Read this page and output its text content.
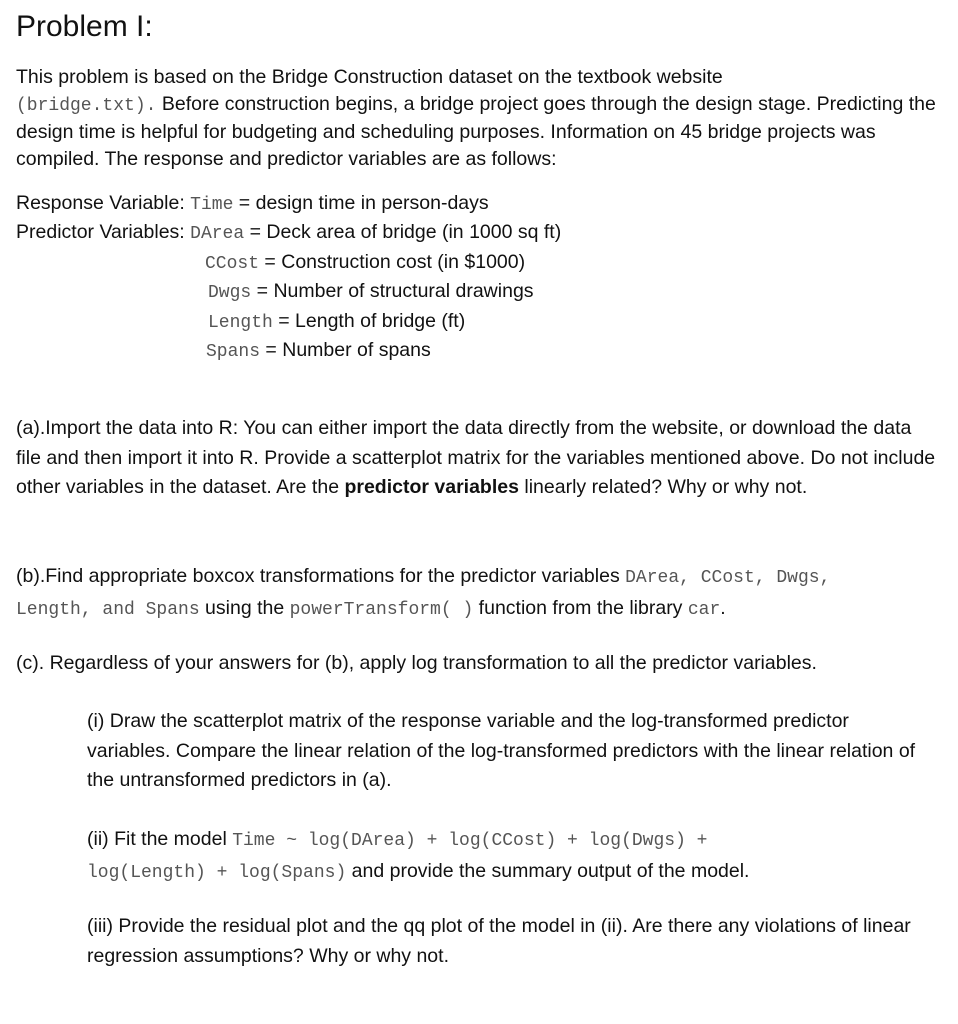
Problem I:

This problem is based on the Bridge Construction dataset on the textbook website
(bridge.txt). Before construction begins, a bridge project goes through the design stage. Predicting the design time is helpful for budgeting and scheduling purposes. Information on 45 bridge projects was compiled. The response and predictor variables are as follows:

Response Variable: Time = design time in person-days
Predictor Variables: DArea = Deck area of bridge (in 1000 sq ft)
CCost = Construction cost (in $1000)
Dwgs = Number of structural drawings
Length = Length of bridge (ft)
Spans = Number of spans

(a).Import the data into R: You can either import the data directly from the website, or download the data file and then import it into R. Provide a scatterplot matrix for the variables mentioned above. Do not include other variables in the dataset. Are the predictor variables linearly related? Why or why not.

(b).Find appropriate boxcox transformations for the predictor variables DArea, CCost, Dwgs,
Length, and Spans using the powerTransform( ) function from the library car.

(c). Regardless of your answers for (b), apply log transformation to all the predictor variables.

(i) Draw the scatterplot matrix of the response variable and the log-transformed predictor variables. Compare the linear relation of the log-transformed predictors with the linear relation of the untransformed predictors in (a).

(ii) Fit the model Time ~ log(DArea) + log(CCost) + log(Dwgs) +
log(Length) + log(Spans) and provide the summary output of the model.

(iii) Provide the residual plot and the qq plot of the model in (ii). Are there any violations of linear regression assumptions? Why or why not.
